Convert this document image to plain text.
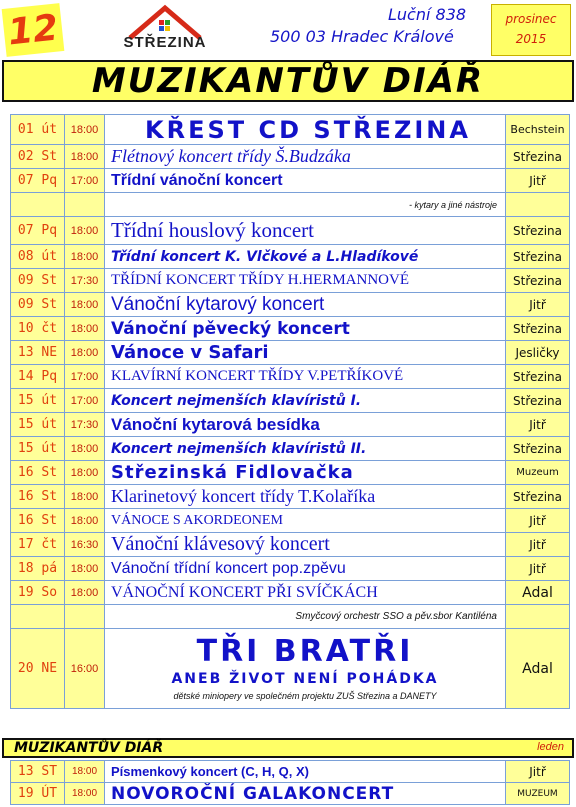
12	STŘEZINA
Luční 838
500 03 Hradec Králové
prosinec
2015
MUZIKANTŮV DIÁŘ
01 út	18:00	KŘEST CD STŘEZINA	Bechstein
02 St	18:00	Flétnový koncert třídy Š.Budzáka	Střezina
07 Pq	17:00	Třídní vánoční koncert	Jitř
		- kytary a jiné nástroje	
07 Pq	18:00	Třídní houslový koncert	Střezina
08 út	18:00	Třídní koncert K. Vlčkové a L.Hladíkové	Střezina
09 St	17:30	TŘÍDNÍ KONCERT TŘÍDY H.HERMANNOVÉ	Střezina
09 St	18:00	Vánoční kytarový koncert	Jitř
10 čt	18:00	Vánoční pěvecký koncert	Střezina
13 NE	18:00	Vánoce v Safari	Jesličky
14 Pq	17:00	KLAVÍRNÍ KONCERT TŘÍDY V.PETŘÍKOVÉ	Střezina
15 út	17:00	Koncert nejmenších klavíristů I.	Střezina
15 út	17:30	Vánoční kytarová besídka	Jitř
15 út	18:00	Koncert nejmenších klavíristů II.	Střezina
16 St	18:00	Střezinská Fidlovačka	Muzeum
16 St	18:00	Klarinetový koncert třídy T.Kolaříka	Střezina
16 St	18:00	VÁNOCE S AKORDEONEM	Jitř
17 čt	16:30	Vánoční klávesový koncert	Jitř
18 pá	18:00	Vánoční třídní koncert pop.zpěvu	Jitř
19 So	18:00	VÁNOČNÍ KONCERT PŘI SVÍČKÁCH	Adal
		Smyčcový orchestr SSO a pěv.sbor Kantiléna	
20 NE	16:00	TŘI BRATŘI
ANEB ŽIVOT NENÍ POHÁDKA
dětské miniopery ve společném projektu ZUŠ Střezina a DANETY	Adal
MUZIKANTŮV DIÁŘ	leden
13 ST	18:00	Písmenkový koncert (C, H, Q, X)	Jitř
19 ÚT	18:00	NOVOROČNÍ GALAKONCERT	MUZEUM
